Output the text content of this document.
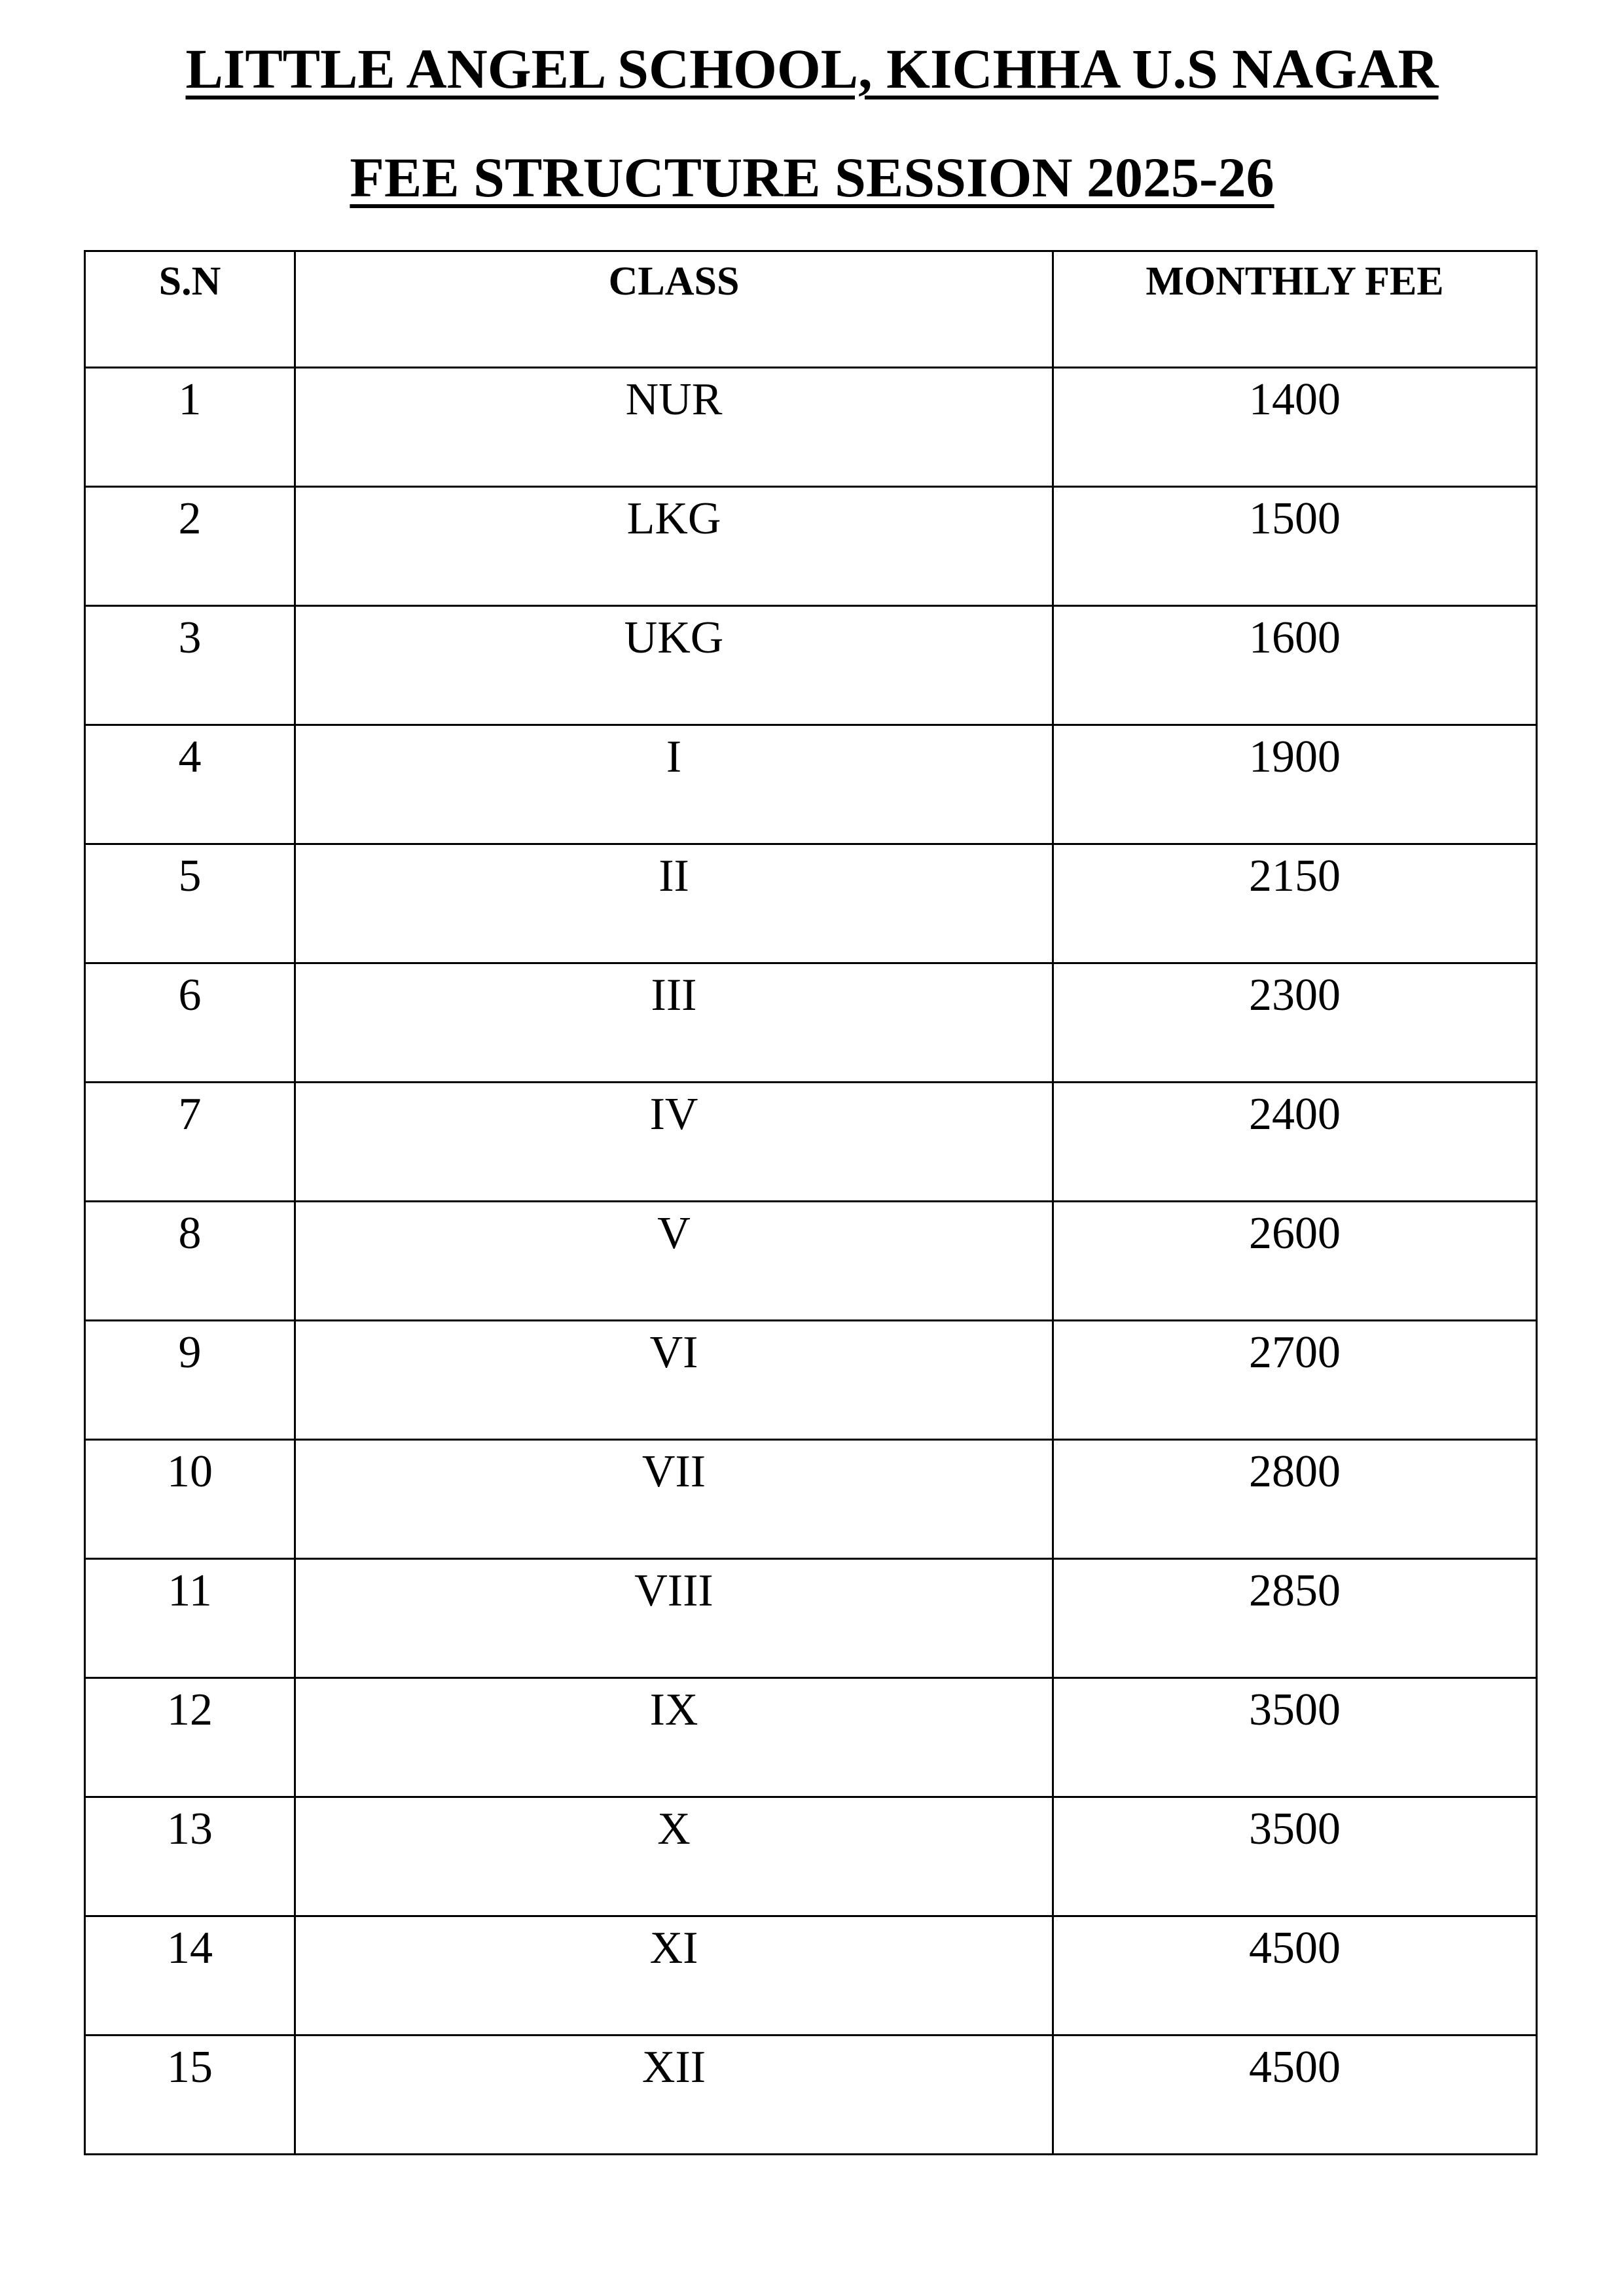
LITTLE ANGEL SCHOOL, KICHHA U.S NAGAR
FEE STRUCTURE SESSION 2025-26
S.N	CLASS	MONTHLY FEE
1	NUR	1400
2	LKG	1500
3	UKG	1600
4	I	1900
5	II	2150
6	III	2300
7	IV	2400
8	V	2600
9	VI	2700
10	VII	2800
11	VIII	2850
12	IX	3500
13	X	3500
14	XI	4500
15	XII	4500
